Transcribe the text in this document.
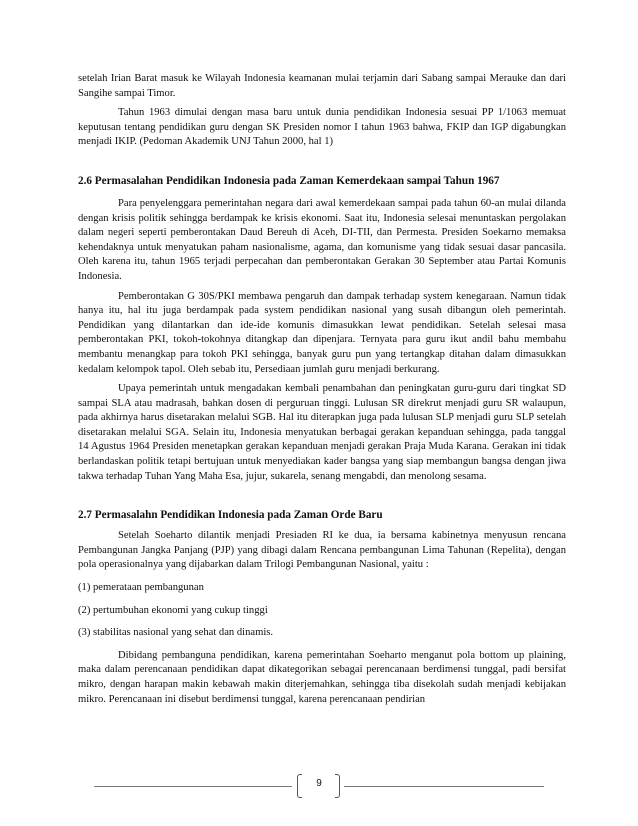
setelah Irian Barat masuk ke Wilayah Indonesia keamanan mulai terjamin dari Sabang sampai Merauke dan dari Sangihe sampai Timor.

Tahun 1963 dimulai dengan masa baru untuk dunia pendidikan Indonesia sesuai PP 1/1063 memuat keputusan tentang pendidikan guru dengan SK Presiden nomor I tahun 1963 bahwa, FKIP dan IGP digabungkan menjadi IKIP. (Pedoman Akademik UNJ Tahun 2000, hal 1)

2.6 Permasalahan Pendidikan Indonesia pada Zaman Kemerdekaan sampai Tahun 1967

Para penyelenggara pemerintahan negara dari awal kemerdekaan sampai pada tahun 60-an mulai dilanda dengan krisis politik sehingga berdampak ke krisis ekonomi. Saat itu, Indonesia selesai menuntaskan pergolakan dalam negeri seperti pemberontakan Daud Bereuh di Aceh, DI-TII, dan Permesta. Presiden Soekarno memaksa kehendaknya untuk menyatukan paham nasionalisme, agama, dan komunisme yang tidak sesuai dasar pancasila. Oleh karena itu, tahun 1965 terjadi perpecahan dan pemberontakan Gerakan 30 September atau Partai Komunis Indonesia.

Pemberontakan G 30S/PKI membawa pengaruh dan dampak terhadap system kenegaraan. Namun tidak hanya itu, hal itu juga berdampak pada system pendidikan nasional yang susah dibangun oleh pemerintah. Pendidikan yang dilantarkan dan ide-ide komunis dimasukkan lewat pendidikan. Setelah selesai masa pemberontakan PKI, tokoh-tokohnya ditangkap dan dipenjara. Ternyata para guru ikut andil bahu membahu membantu menangkap para tokoh PKI sehingga, banyak guru pun yang tertangkap ditahan dalam dimasukkan kedalam kelompok tapol. Oleh sebab itu, Persediaan jumlah guru menjadi berkurang.

Upaya pemerintah untuk mengadakan kembali penambahan dan peningkatan guru-guru dari tingkat SD sampai SLA atau madrasah, bahkan dosen di perguruan tinggi. Lulusan SR direkrut menjadi guru SR walaupun, pada akhirnya harus disetarakan melalui SGB. Hal itu diterapkan juga pada lulusan SLP menjadi guru SLP setelah disetarakan melalui SGA. Selain itu, Indonesia menyatukan berbagai gerakan kepanduan sehingga, pada tanggal 14 Agustus 1964 Presiden menetapkan gerakan kepanduan menjadi gerakan Praja Muda Karana. Gerakan ini tidak berlandaskan politik tetapi bertujuan untuk menyediakan kader bangsa yang siap membangun bangsa dengan jiwa takwa terhadap Tuhan Yang Maha Esa, jujur, sukarela, senang mengabdi, dan menolong sesama.

2.7 Permasalahn Pendidikan Indonesia pada Zaman Orde Baru

Setelah Soeharto dilantik menjadi Presiaden RI ke dua, ia bersama kabinetnya menyusun rencana Pembangunan Jangka Panjang (PJP) yang dibagi dalam Rencana pembangunan Lima Tahunan (Repelita), dengan pola operasionalnya yang dijabarkan dalam Trilogi Pembangunan Nasional, yaitu :

(1) pemerataan pembangunan

(2) pertumbuhan ekonomi yang cukup tinggi

(3) stabilitas nasional yang sehat dan dinamis.

Dibidang pembanguna pendidikan, karena pemerintahan Soeharto menganut pola bottom up plaining, maka dalam perencanaan pendidikan dapat dikategorikan sebagai perencanaan berdimensi tunggal, padi bersifat mikro, dengan harapan makin kebawah makin diterjemahkan, sehingga tiba disekolah sudah menjadi kebijakan mikro. Perencanaan ini disebut berdimensi tunggal, karena perencanaan pendirian

9
